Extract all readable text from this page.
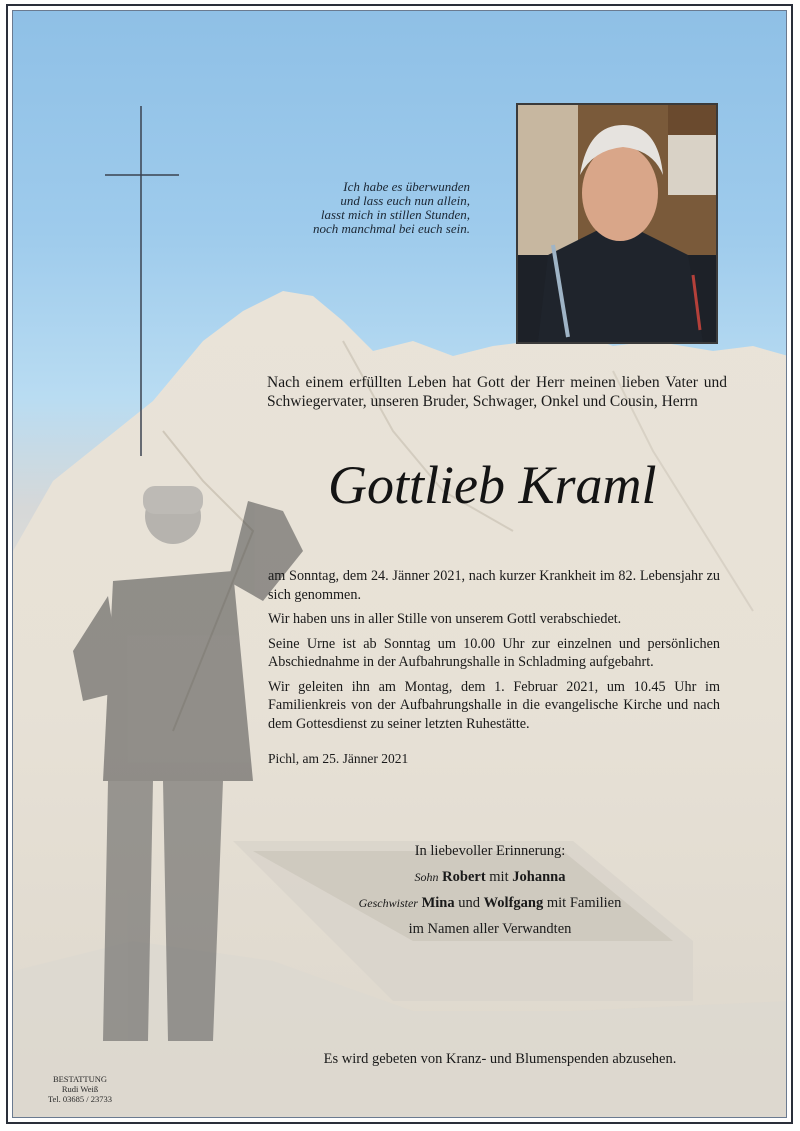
Ich habe es überwunden
und lass euch nun allein,
lasst mich in stillen Stunden,
noch manchmal bei euch sein.
Nach einem erfüllten Leben hat Gott der Herr meinen lieben Vater und Schwiegervater, unseren Bruder, Schwager, Onkel und Cousin, Herrn
Gottlieb Kraml

am Sonntag, dem 24. Jänner 2021, nach kurzer Krankheit im 82. Lebensjahr zu sich genommen.

Wir haben uns in aller Stille von unserem Gottl verabschiedet.

Seine Urne ist ab Sonntag um 10.00 Uhr zur einzelnen und persönlichen Abschiednahme in der Aufbahrungshalle in Schladming aufgebahrt.

Wir geleiten ihn am Montag, dem 1. Februar 2021, um 10.45 Uhr im Familienkreis von der Aufbahrungshalle in die evangelische Kirche und nach dem Gottesdienst zu seiner letzten Ruhestätte.

Pichl, am 25. Jänner 2021
In liebevoller Erinnerung:
Sohn Robert mit Johanna
Geschwister Mina und Wolfgang mit Familien
im Namen aller Verwandten
Es wird gebeten von Kranz- und Blumenspenden abzusehen.
BESTATTUNG
Rudi Weiß
Tel. 03685 / 23733
